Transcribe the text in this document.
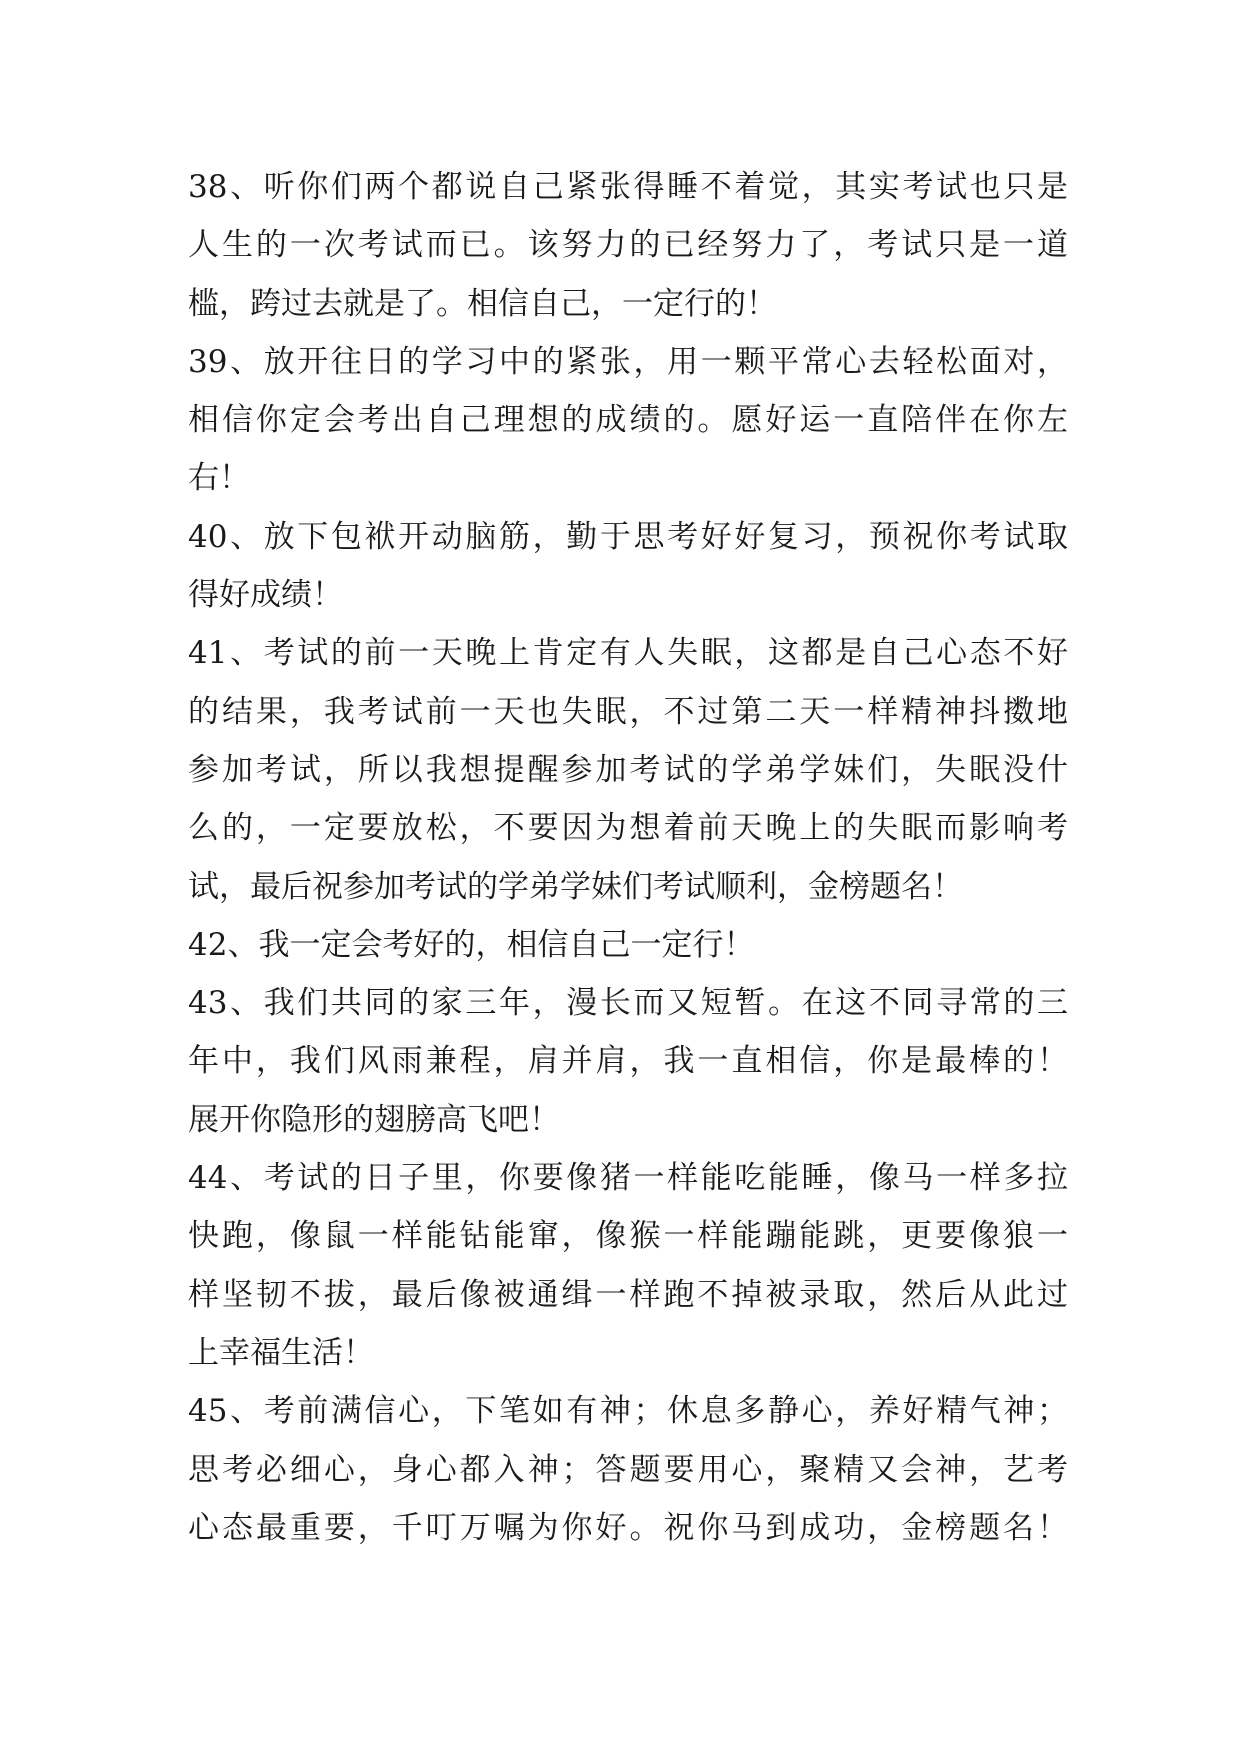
38、听你们两个都说自己紧张得睡不着觉，其实考试也只是
人生的一次考试而已。该努力的已经努力了，考试只是一道
槛，跨过去就是了。相信自己，一定行的！
39、放开往日的学习中的紧张，用一颗平常心去轻松面对，
相信你定会考出自己理想的成绩的。愿好运一直陪伴在你左
右！
40、放下包袱开动脑筋，勤于思考好好复习，预祝你考试取
得好成绩！
41、考试的前一天晚上肯定有人失眠，这都是自己心态不好
的结果，我考试前一天也失眠，不过第二天一样精神抖擞地
参加考试，所以我想提醒参加考试的学弟学妹们，失眠没什
么的，一定要放松，不要因为想着前天晚上的失眠而影响考
试，最后祝参加考试的学弟学妹们考试顺利，金榜题名！
42、我一定会考好的，相信自己一定行！
43、我们共同的家三年，漫长而又短暂。在这不同寻常的三
年中，我们风雨兼程，肩并肩，我一直相信，你是最棒的！
展开你隐形的翅膀高飞吧！
44、考试的日子里，你要像猪一样能吃能睡，像马一样多拉
快跑，像鼠一样能钻能窜，像猴一样能蹦能跳，更要像狼一
样坚韧不拔，最后像被通缉一样跑不掉被录取，然后从此过
上幸福生活！
45、考前满信心，下笔如有神；休息多静心，养好精气神；
思考必细心，身心都入神；答题要用心，聚精又会神，艺考
心态最重要，千叮万嘱为你好。祝你马到成功，金榜题名！
